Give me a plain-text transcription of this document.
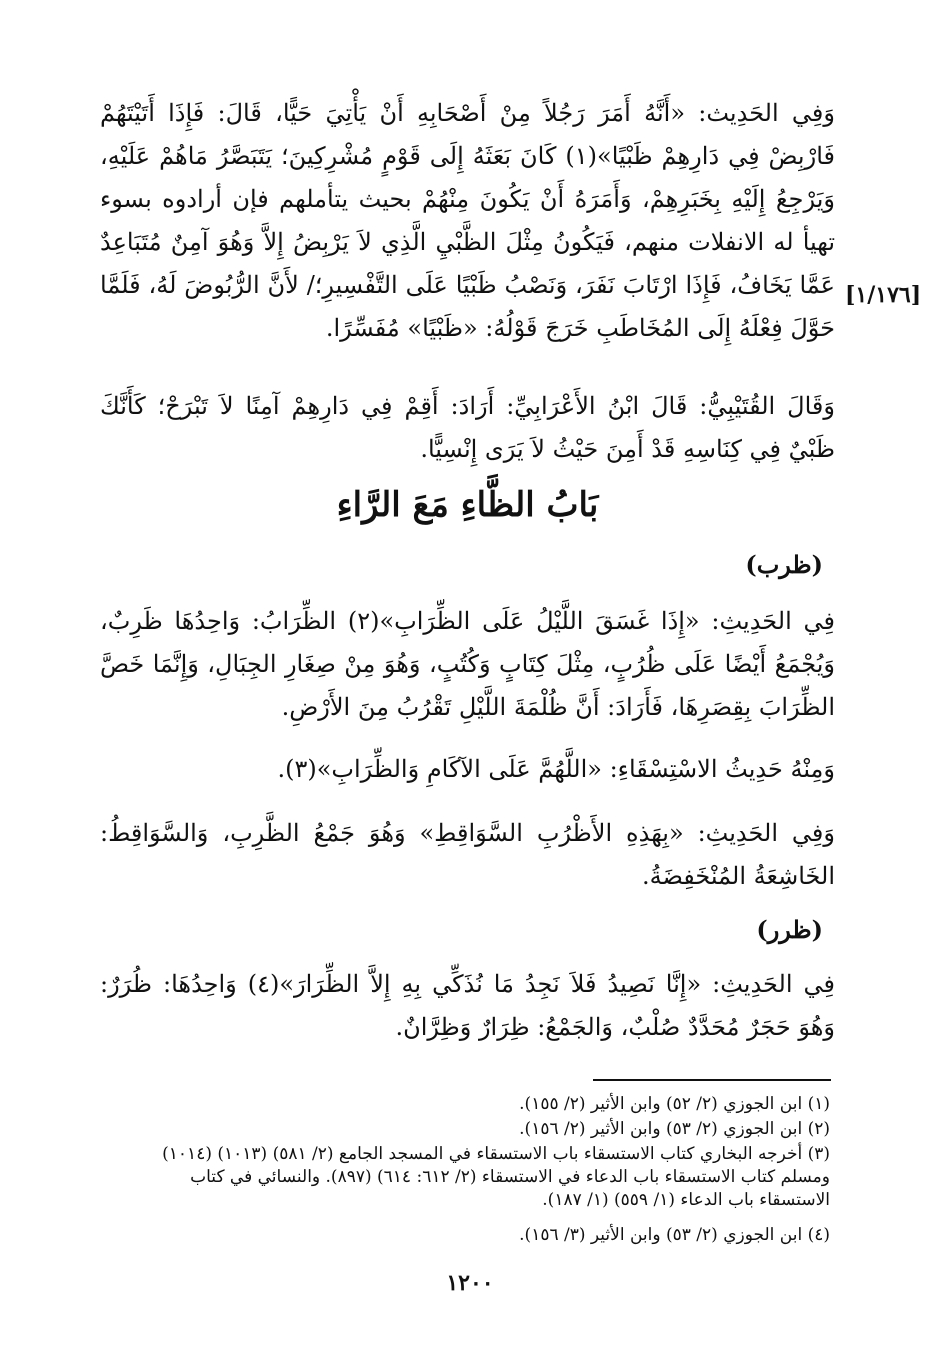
وَفِي الحَدِيث: «أَنَّهُ أَمَرَ رَجُلاً مِنْ أَصْحَابِهِ أَنْ يَأْتِيَ حَيًّا، قَالَ: فَإِذَا أَتَيْتَهُمْ فَارْبِضْ فِي دَارِهِمْ ظَبْيًا»(١) كَانَ بَعَثَهُ إِلَى قَوْمٍ مُشْرِكِينَ؛ يَتَبَصَّرُ مَاهُمْ عَلَيْهِ، وَيَرْجِعُ إِلَيْهِ بِخَبَرِهِمْ، وَأَمَرَهُ أَنْ يَكُونَ مِنْهُمْ بحيث يتأملهم فإن أرادوه بسوء تهيأ له الانفلات منهم، فَيَكُونُ مِثْلَ الظَّبْيِ الَّذِي لاَ يَرْبِضُ إِلاَّ وَهُوَ آمِنٌ مُتَبَاعِدٌ عَمَّا يَخَافُ، فَإِذَا ارْتَابَ نَفَرَ، وَنَصْبُ ظَبْيًا عَلَى التَّفْسِيرِ؛/ لأَنَّ الرُّبُوضَ لَهُ، فَلَمَّا حَوَّلَ فِعْلَهُ إِلَى المُخَاطَبِ خَرَجَ قَوْلُهُ: «ظَبْيًا» مُفَسِّرًا.
[١/١٧٦]
وَقَالَ القُتَيْبِيُّ: قَالَ ابْنُ الأَعْرَابِيِّ: أَرَادَ: أَقِمْ فِي دَارِهِمْ آمِنًا لاَ تَبْرَحْ؛ كَأَنَّكَ ظَبْيٌ فِي كِنَاسِهِ قَدْ أَمِنَ حَيْثُ لاَ يَرَى إِنْسِيًّا.
بَابُ الظَّاءِ مَعَ الرَّاءِ
(ظرب)
فِي الحَدِيثِ: «إِذَا غَسَقَ اللَّيْلُ عَلَى الظِّرَابِ»(٢) الظِّرَابُ: وَاحِدُهَا ظَرِبٌ، وَيُجْمَعُ أَيْضًا عَلَى ظُرُبٍ، مِثْلَ كِتَابٍ وَكُتُبٍ، وَهُوَ مِنْ صِغَارِ الجِبَالِ، وَإِنَّمَا خَصَّ الظِّرَابَ بِقِصَرِهَا، فَأَرَادَ: أَنَّ ظُلْمَةَ اللَّيْلِ تَقْرُبُ مِنَ الأَرْضِ.
وَمِنْهُ حَدِيثُ الاسْتِسْقَاءِ: «اللَّهُمَّ عَلَى الآكَامِ وَالظِّرَابِ»(٣).
وَفِي الحَدِيثِ: «بِهَذِهِ الأَظْرُبِ السَّوَاقِطِ» وَهُوَ جَمْعُ الظَّرِبِ، وَالسَّوَاقِطُ: الخَاشِعَةُ المُنْخَفِضَةُ.
(ظرر)
فِي الحَدِيثِ: «إِنَّا نَصِيدُ فَلاَ نَجِدُ مَا نُذَكِّي بِهِ إِلاَّ الظِّرَارَ»(٤) وَاحِدُهَا: ظُرَرٌ: وَهُوَ حَجَرٌ مُحَدَّدٌ صُلْبٌ، وَالجَمْعُ: ظِرَارٌ وَظِرَّانٌ.
(١) ابن الجوزي (٢/ ٥٢) وابن الأثير (٢/ ١٥٥).
(٢) ابن الجوزي (٢/ ٥٣) وابن الأثير (٢/ ١٥٦).
(٣) أخرجه البخاري كتاب الاستسقاء باب الاستسقاء في المسجد الجامع (٢/ ٥٨١) (١٠١٣) (١٠١٤) ومسلم كتاب الاستسقاء باب الدعاء في الاستسقاء (٢/ ٦١٢: ٦١٤) (٨٩٧). والنسائي في كتاب الاستسقاء باب الدعاء (١/ ٥٥٩) (١/ ١٨٧).
(٤) ابن الجوزي (٢/ ٥٣) وابن الأثير (٣/ ١٥٦).
١٢٠٠
